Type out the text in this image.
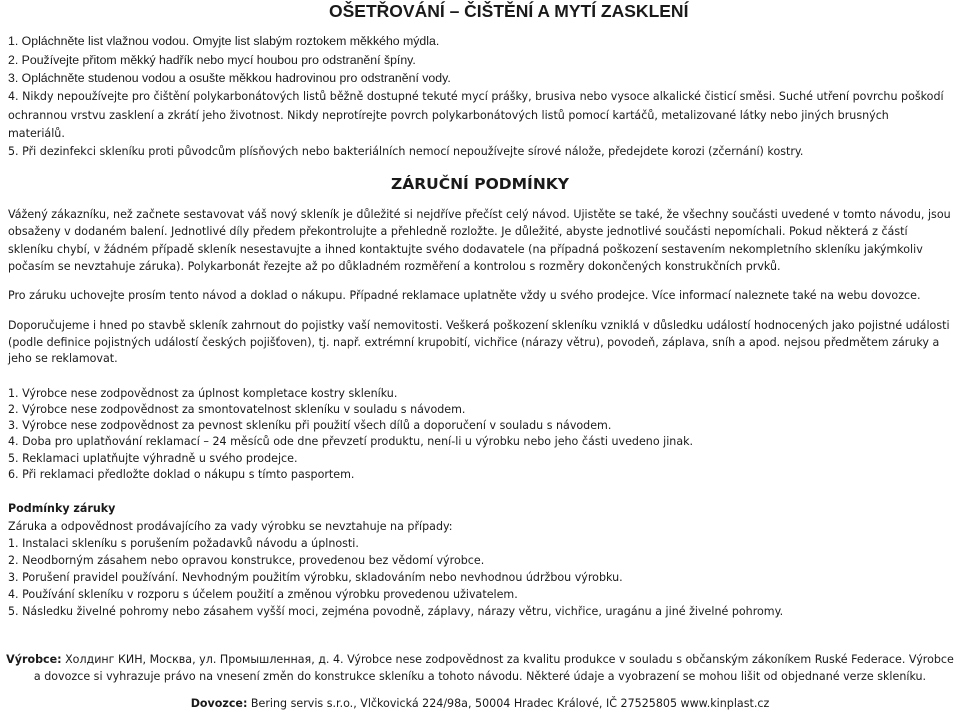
OŠETŘOVÁNÍ – ČIŠTĚNÍ A MYTÍ ZASKLENÍ
1. Opláchněte list vlažnou vodou. Omyjte list slabým roztokem měkkého mýdla.
2. Používejte přitom měkký hadřík nebo mycí houbou pro odstranění špíny.
3. Opláchněte studenou vodou a osušte měkkou hadrovinou pro odstranění vody.
4. Nikdy nepoužívejte pro čištění polykarbonátových listů běžně dostupné tekuté mycí prášky, brusiva nebo vysoce alkalické čisticí směsi. Suché utření povrchu poškodí
ochrannou vrstvu zasklení a zkrátí jeho životnost. Nikdy neprotírejte povrch polykarbonátových listů pomocí kartáčů, metalizované látky nebo jiných brusných
materiálů.
5. Při dezinfekci skleníku proti původcům plísňových nebo bakteriálních nemocí nepoužívejte sírové nálože, předejdete korozi (zčernání) kostry.
ZÁRUČNÍ PODMÍNKY
Vážený zákazníku, než začnete sestavovat váš nový skleník je důležité si nejdříve přečíst celý návod. Ujistěte se také, že všechny součásti uvedené v tomto návodu, jsou
obsaženy v dodaném balení. Jednotlivé díly předem překontrolujte a přehledně rozložte. Je důležité, abyste jednotlivé součásti nepomíchali. Pokud některá z částí
skleníku chybí, v žádném případě skleník nesestavujte a ihned kontaktujte svého dodavatele (na případná poškození sestavením nekompletního skleníku jakýmkoliv
počasím se nevztahuje záruka). Polykarbonát řezejte až po důkladném rozměření a kontrolou s rozměry dokončených konstrukčních prvků.
Pro záruku uchovejte prosím tento návod a doklad o nákupu. Případné reklamace uplatněte vždy u svého prodejce. Více informací naleznete také na webu dovozce.
Doporučujeme i hned po stavbě skleník zahrnout do pojistky vaší nemovitosti. Veškerá poškození skleníku vzniklá v důsledku událostí hodnocených jako pojistné události
(podle definice pojistných událostí českých pojišťoven), tj. např. extrémní krupobití, vichřice (nárazy větru), povodeň, záplava, sníh a apod. nejsou předmětem záruky a
jeho se reklamovat.
1. Výrobce nese zodpovědnost za úplnost kompletace kostry skleníku.
2. Výrobce nese zodpovědnost za smontovatelnost skleníku v souladu s návodem.
3. Výrobce nese zodpovědnost za pevnost skleníku při použití všech dílů a doporučení v souladu s návodem.
4. Doba pro uplatňování reklamací – 24 měsíců ode dne převzetí produktu, není-li u výrobku nebo jeho části uvedeno jinak.
5. Reklamaci uplatňujte výhradně u svého prodejce.
6. Při reklamaci předložte doklad o nákupu s tímto pasportem.
Podmínky záruky
Záruka a odpovědnost prodávajícího za vady výrobku se nevztahuje na případy:
1. Instalaci skleníku s porušením požadavků návodu a úplnosti.
2. Neodborným zásahem nebo opravou konstrukce, provedenou bez vědomí výrobce.
3. Porušení pravidel používání. Nevhodným použitím výrobku, skladováním nebo nevhodnou údržbou výrobku.
4. Používání skleníku v rozporu s účelem použití a změnou výrobku provedenou uživatelem.
5. Následku živelné pohromy nebo zásahem vyšší moci, zejména povodně, záplavy, nárazy větru, vichřice, uragánu a jiné živelné pohromy.
Výrobce: Холдинг КИН, Москва, ул. Промышленная, д. 4. Výrobce nese zodpovědnost za kvalitu produkce v souladu s občanským zákoníkem Ruské Federace. Výrobce
a dovozce si vyhrazuje právo na vnesení změn do konstrukce skleníku a tohoto návodu. Některé údaje a vyobrazení se mohou lišit od objednané verze skleníku.
Dovozce: Bering servis s.r.o., Vlčkovická 224/98a, 50004 Hradec Králové, IČ 27525805 www.kinplast.cz
